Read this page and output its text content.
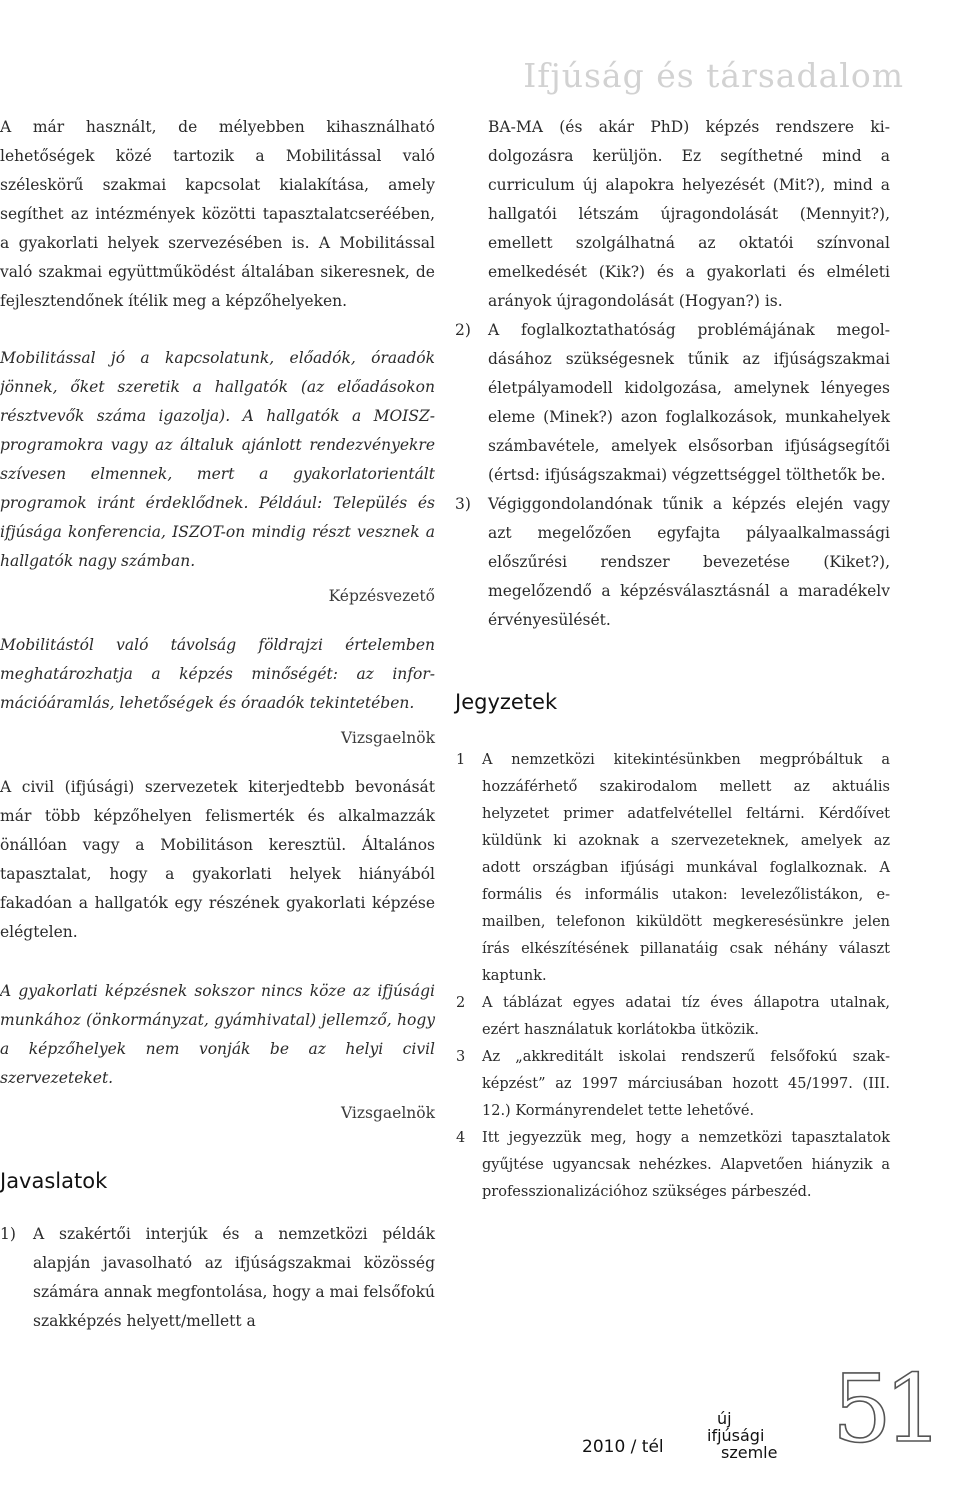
Ifjúság és társadalom

A már használt, de mélyebben kihasználható lehetőségek közé tartozik a Mobilitással való széleskörű szakmai kapcsolat kialakítása, amely segíthet az intézmények közötti tapasztalatcseréében, a gyakorlati helyek szervezésében is. A Mobilitással való szakmai együttműködést általában sikeresnek, de fejlesztendőnek ítélik meg a képzőhelyeken.

Mobilitással jó a kapcsolatunk, előadók, óraadók jönnek, őket szeretik a hallgatók (az előadásokon résztvevők száma igazolja). A hallgatók a MOISZ-programokra vagy az általuk ajánlott rendezvényekre szívesen elmennek, mert a gyakorlatorientált programok iránt érdeklődnek. Például: Település és ifjúsága konferencia, ISZOT-on mindig részt vesznek a hallgatók nagy számban.

Képzésvezető

Mobilitástól való távolság földrajzi értelemben meghatározhatja a képzés minőségét: az információáramlás, lehetőségek és óraadók tekintetében.

Vizsgaelnök

A civil (ifjúsági) szervezetek kiterjedtebb bevonását már több képzőhelyen felismerték és alkalmazzák önállóan vagy a Mobilitáson keresztül. Általános tapasztalat, hogy a gyakorlati helyek hiányából fakadóan a hallgatók egy részének gyakorlati képzése elégtelen.

A gyakorlati képzésnek sokszor nincs köze az ifjúsági munkához (önkormányzat, gyámhivatal) jellemző, hogy a képzőhelyek nem vonják be az helyi civil szervezeteket.

Vizsgaelnök

Javaslatok
1) A szakértői interjúk és a nemzetközi példák alapján javasolható az ifjúságszakmai közösség számára annak megfontolása, hogy a mai felsőfokú szakképzés helyett/mellett a
BA-MA (és akár PhD) képzés rendszere kidolgozásra kerüljön. Ez segíthetné mind a curriculum új alapokra helyezését (Mit?), mind a hallgatói létszám újragondolását (Mennyit?), emellett szolgálhatná az oktatói színvonal emelkedését (Kik?) és a gyakorlati és elméleti arányok újragondolását (Hogyan?) is.
2) A foglalkoztathatóság problémájának megoldásához szükségesnek tűnik az ifjúságszakmai életpályamodell kidolgozása, amelynek lényeges eleme (Minek?) azon foglalkozások, munkahelyek számbavétele, amelyek elsősorban ifjúságsegítői (értsd: ifjúságszakmai) végzettséggel tölthetők be.
3) Végiggondolandónak tűnik a képzés elején vagy azt megelőzően egyfajta pályaalkalmassági előszűrési rendszer bevezetése (Kiket?), megelőzendő a képzésválasztásnál a maradékelv érvényesülését.
Jegyzetek
1 A nemzetközi kitekintésünkben megpróbáltuk a hozzáférhető szakirodalom mellett az aktuális helyzetet primer adatfelvétellel feltárni. Kérdőívet küldünk ki azoknak a szervezeteknek, amelyek az adott országban ifjúsági munkával foglalkoznak. A formális és informális utakon: levelezőlistákon, e-mailben, telefonon kiküldött megkeresésünkre jelen írás elkészítésének pillanatáig csak néhány választ kaptunk.
2 A táblázat egyes adatai tíz éves állapotra utalnak, ezért használatuk korlátokba ütközik.
3 Az „akkreditált iskolai rendszerű felsőfokú szakképzést” az 1997 márciusában hozott 45/1997. (III. 12.) Kormányrendelet tette lehetővé.
4 Itt jegyezzük meg, hogy a nemzetközi tapasztalatok gyűjtése ugyancsak nehézkes. Alapvetően hiányzik a professzionalizációhoz szükséges párbeszéd.
2010 / tél
új
ifjúsági
szemle 51
